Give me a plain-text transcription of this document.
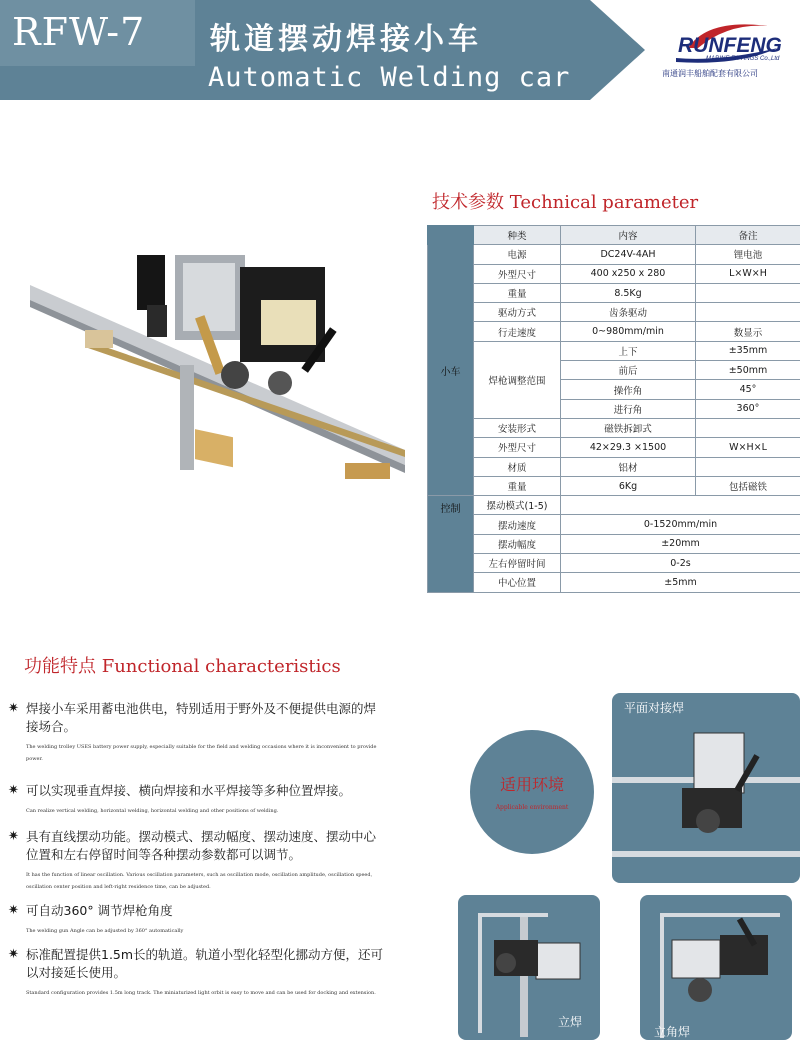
RFW-7 轨道摆动焊接小车
Automatic Welding car
RUNFENG
MARINE FITTINGS Co.,Ltd
南通润丰船舶配套有限公司
技术参数 Technical parameter
	种类	内容	备注
小车	电源	DC24V-4AH	锂电池
	外型尺寸	400 x250 x 280	L×W×H
	重量	8.5Kg	
	驱动方式	齿条驱动	
	行走速度	0~980mm/min	数显示
	焊枪调整范围	上下	±35mm
		前后	±50mm
		操作角	45°
		进行角	360°
	安装形式	磁铁拆卸式	
	外型尺寸	42×29.3 ×1500	W×H×L
	材质	铝材	
	重量	6Kg	包括磁铁
控制	摆动模式(1-5)		
	摆动速度	0-1520mm/min	
	摆动幅度	±20mm	
	左右停留时间	0-2s	
	中心位置	±5mm	
功能特点 Functional characteristics
✷ 焊接小车采用蓄电池供电，特别适用于野外及不便提供电源的焊接场合。
The welding trolley USES battery power supply, especially suitable for the field and welding occasions where it is inconvenient to provide power.
✷ 可以实现垂直焊接、横向焊接和水平焊接等多种位置焊接。
Can realize vertical welding, horizontal welding, horizontal welding and other positions of welding.
✷ 具有直线摆动功能。摆动模式、摆动幅度、摆动速度、摆动中心位置和左右停留时间等各种摆动参数都可以调节。
It has the function of linear oscillation. Various oscillation parameters, such as oscillation mode, oscillation amplitude, oscillation speed, oscillation center position and left-right residence time, can be adjusted.
✷ 可自动360° 调节焊枪角度
The welding gun Angle can be adjusted by 360° automatically
✷ 标准配置提供1.5m长的轨道。轨道小型化轻型化挪动方便，还可以对接延长使用。
Standard configuration provides 1.5m long track. The miniaturized light orbit is easy to move and can be used for docking and extension.
适用环境
Applicable environment
平面对接焊
立焊
立角焊
